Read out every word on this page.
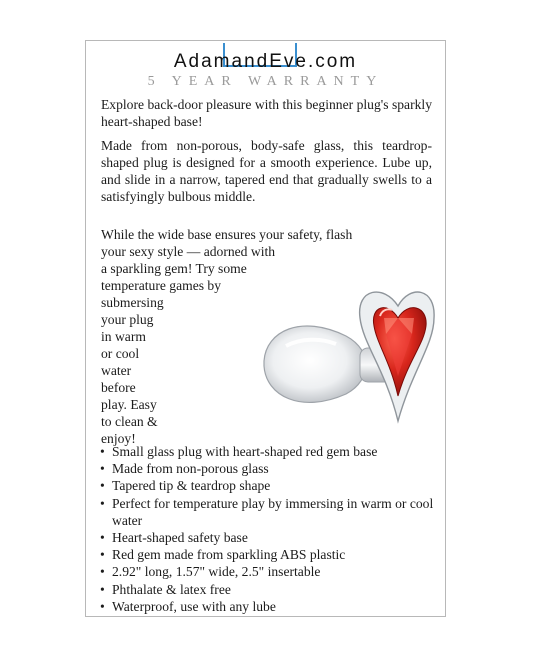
AdamandEve.com
5 YEAR WARRANTY

Explore back-door pleasure with this beginner plug's sparkly heart-shaped base!

Made from non-porous, body-safe glass, this teardrop-shaped plug is designed for a smooth experience. Lube up, and slide in a narrow, tapered end that gradually swells to a satisfyingly bulbous middle.

While the wide base ensures your safety, flash
your sexy style — adorned with
a sparkling gem! Try some
temperature games by
submersing
your plug
in warm
or cool
water
before
play. Easy
to clean &
enjoy!
• Small glass plug with heart-shaped red gem base
• Made from non-porous glass
• Tapered tip & teardrop shape
• Perfect for temperature play by immersing in warm or cool water
• Heart-shaped safety base
• Red gem made from sparkling ABS plastic
• 2.92" long, 1.57" wide, 2.5" insertable
• Phthalate & latex free
• Waterproof, use with any lube
